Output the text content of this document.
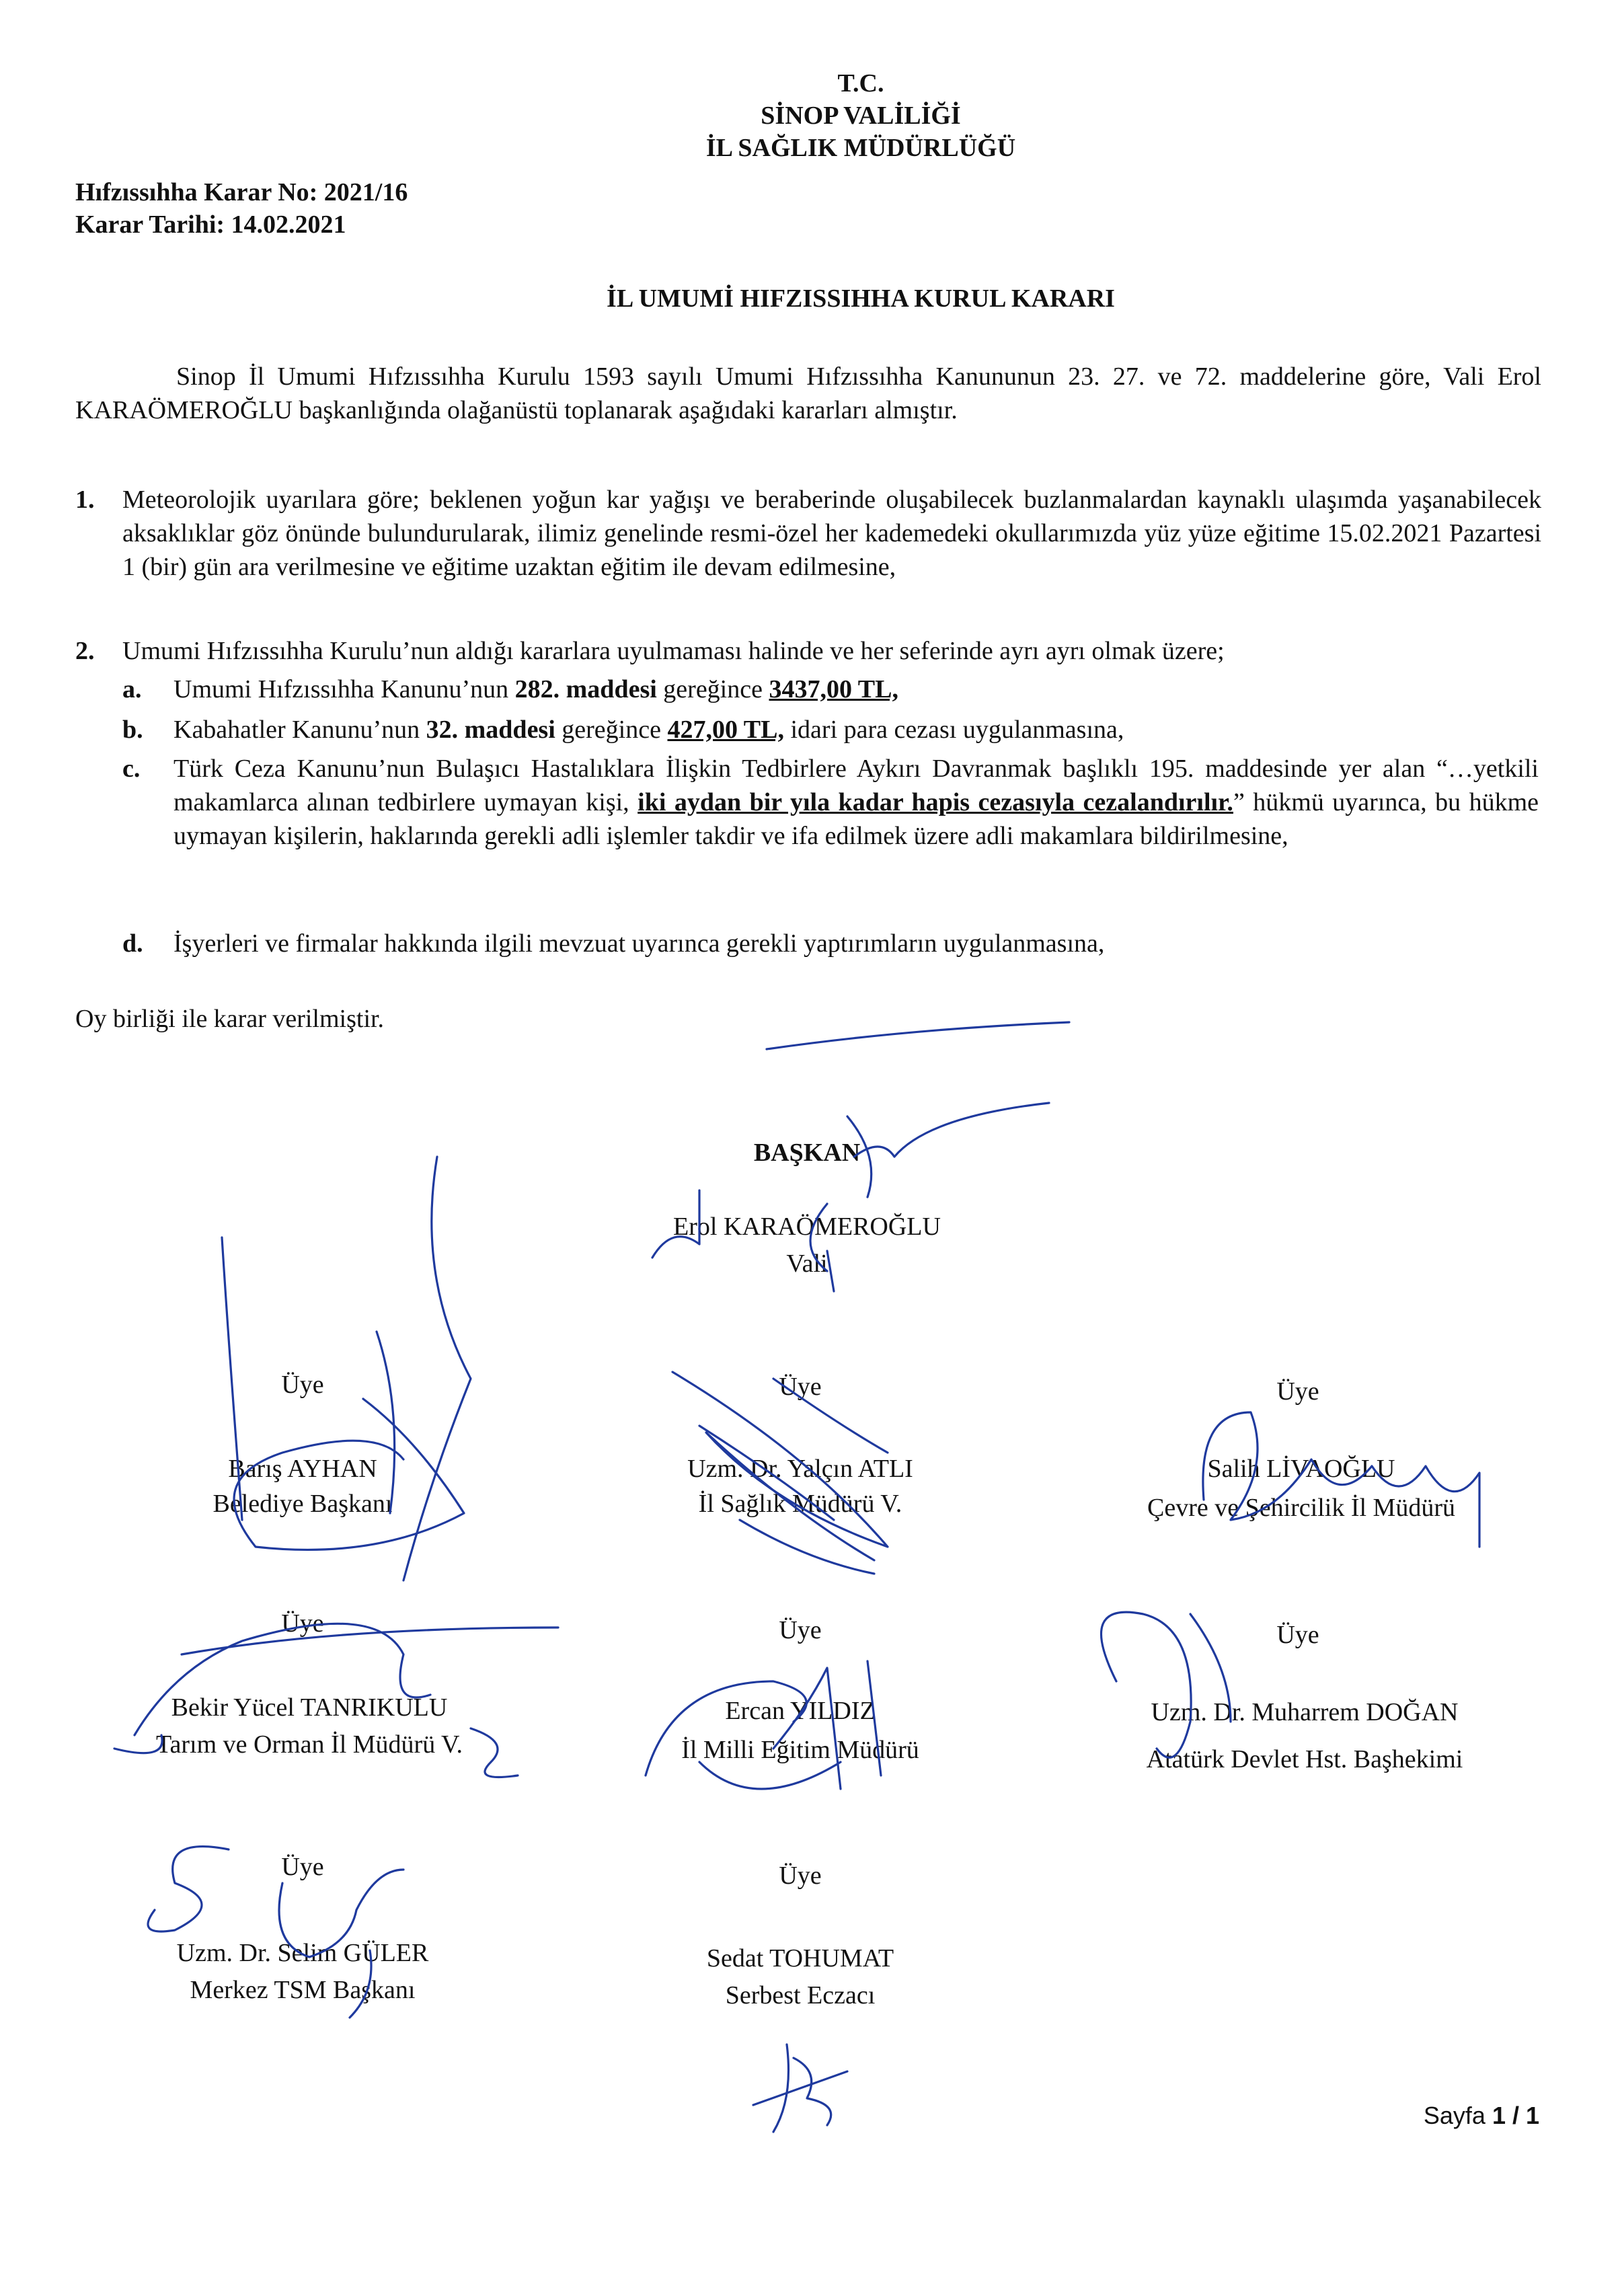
T.C.
SİNOP VALİLİĞİ
İL SAĞLIK MÜDÜRLÜĞÜ
Hıfzıssıhha Karar No: 2021/16
Karar Tarihi: 14.02.2021
İL UMUMİ HIFZISSIHHA KURUL KARARI
Sinop İl Umumi Hıfzıssıhha Kurulu 1593 sayılı Umumi Hıfzıssıhha Kanununun 23. 27. ve 72. maddelerine göre, Vali Erol KARAÖMEROĞLU başkanlığında olağanüstü toplanarak aşağıdaki kararları almıştır.
1. Meteorolojik uyarılara göre; beklenen yoğun kar yağışı ve beraberinde oluşabilecek buzlanmalardan kaynaklı ulaşımda yaşanabilecek aksaklıklar göz önünde bulundurularak, ilimiz genelinde resmi-özel her kademedeki okullarımızda yüz yüze eğitime 15.02.2021 Pazartesi 1 (bir) gün ara verilmesine ve eğitime uzaktan eğitim ile devam edilmesine,
2. Umumi Hıfzıssıhha Kurulu’nun aldığı kararlara uyulmaması halinde ve her seferinde ayrı ayrı olmak üzere;
a. Umumi Hıfzıssıhha Kanunu’nun 282. maddesi gereğince 3437,00 TL,
b. Kabahatler Kanunu’nun 32. maddesi gereğince 427,00 TL, idari para cezası uygulanmasına,
c. Türk Ceza Kanunu’nun Bulaşıcı Hastalıklara İlişkin Tedbirlere Aykırı Davranmak başlıklı 195. maddesinde yer alan “…yetkili makamlarca alınan tedbirlere uymayan kişi, iki aydan bir yıla kadar hapis cezasıyla cezalandırılır.” hükmü uyarınca, bu hükme uymayan kişilerin, haklarında gerekli adli işlemler takdir ve ifa edilmek üzere adli makamlara bildirilmesine,
d. İşyerleri ve firmalar hakkında ilgili mevzuat uyarınca gerekli yaptırımların uygulanmasına,
Oy birliği ile karar verilmiştir.
BAŞKAN
Erol KARAÖMEROĞLU
Vali
Üye
Barış AYHAN
Belediye Başkanı
Üye
Uzm. Dr. Yalçın ATLI
İl Sağlık Müdürü V.
Üye
Salih LİVAOĞLU
Çevre ve Şehircilik İl Müdürü
Üye
Bekir Yücel TANRIKULU
Tarım ve Orman İl Müdürü V.
Üye
Ercan YILDIZ
İl Milli Eğitim Müdürü
Üye
Uzm. Dr. Muharrem DOĞAN
Atatürk Devlet Hst. Başhekimi
Üye
Uzm. Dr. Selim GÜLER
Merkez TSM Başkanı
Üye
Sedat TOHUMAT
Serbest Eczacı
Sayfa 1 / 1
